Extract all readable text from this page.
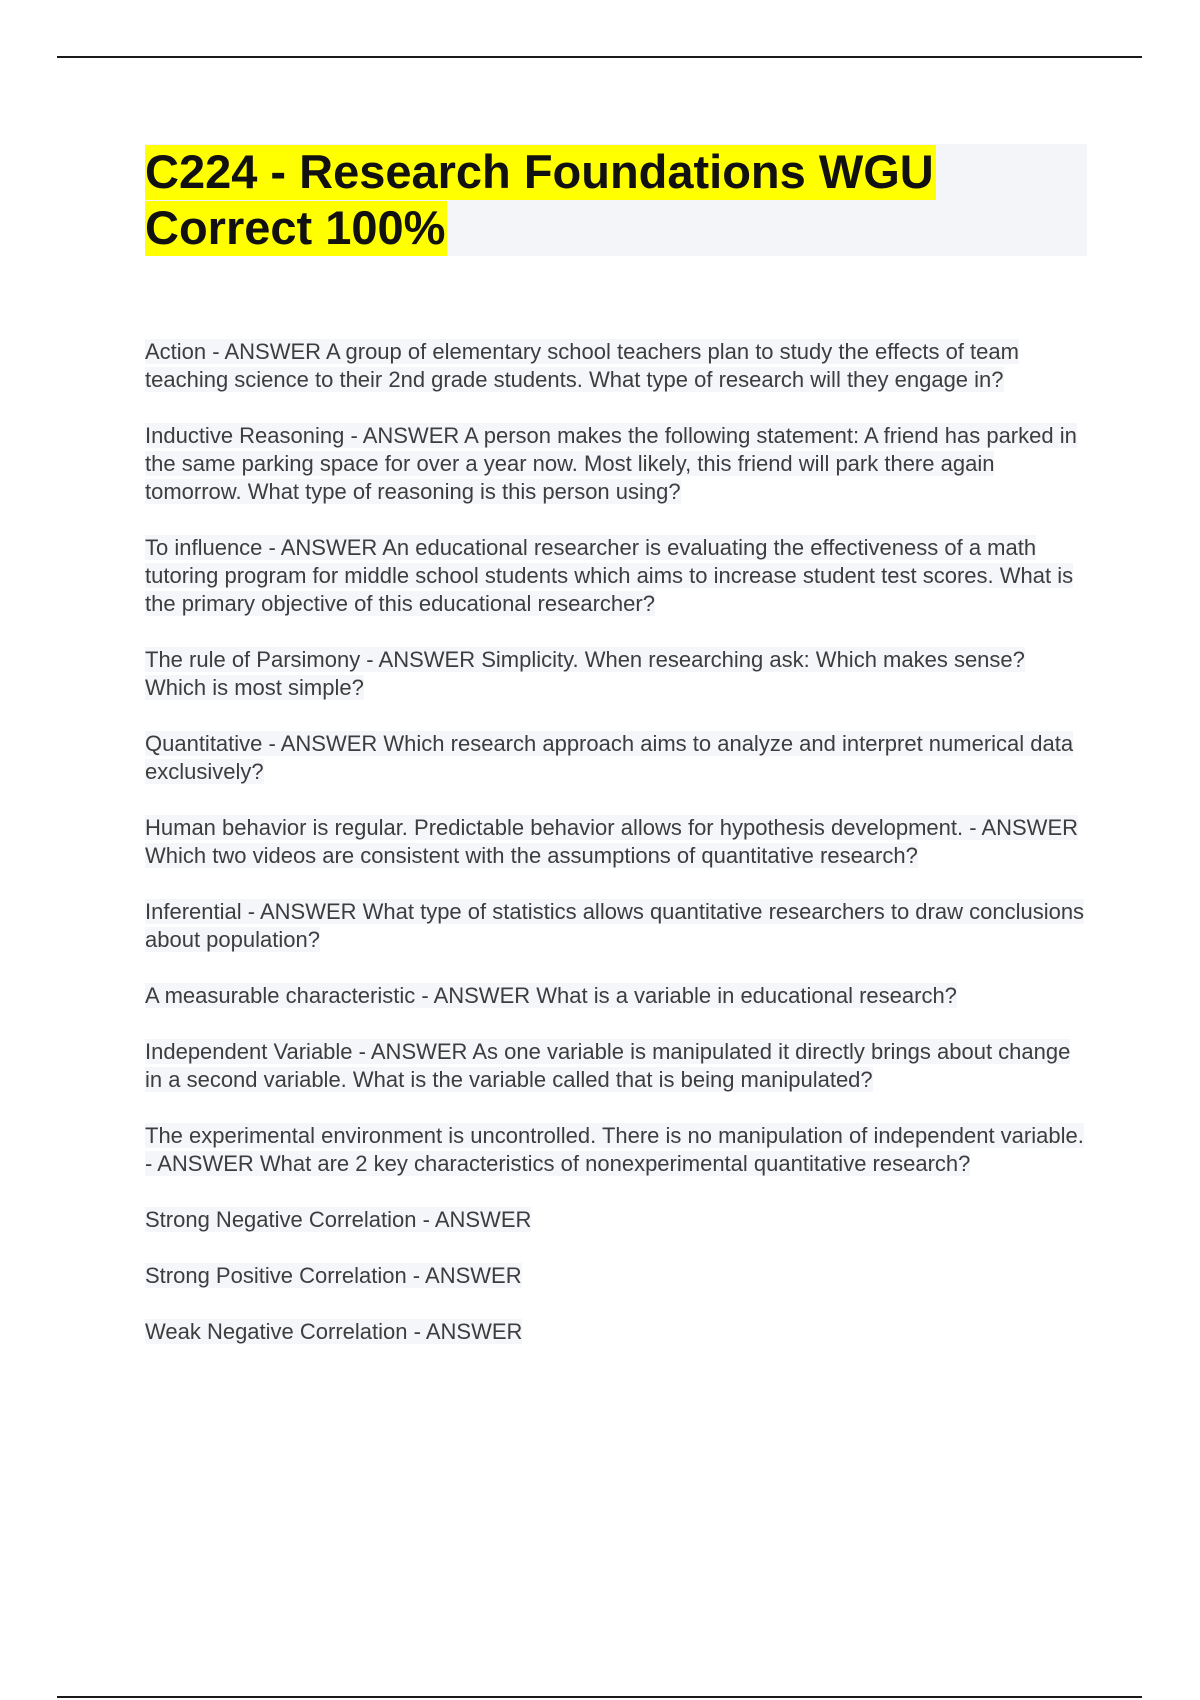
C224 - Research Foundations WGU
Correct 100%
Action - ANSWER A group of elementary school teachers plan to study the effects of team teaching science to their 2nd grade students. What type of research will they engage in?
Inductive Reasoning - ANSWER A person makes the following statement: A friend has parked in the same parking space for over a year now. Most likely, this friend will park there again tomorrow. What type of reasoning is this person using?
To influence - ANSWER An educational researcher is evaluating the effectiveness of a math tutoring program for middle school students which aims to increase student test scores. What is the primary objective of this educational researcher?
The rule of Parsimony - ANSWER Simplicity. When researching ask: Which makes sense? Which is most simple?
Quantitative - ANSWER Which research approach aims to analyze and interpret numerical data exclusively?
Human behavior is regular. Predictable behavior allows for hypothesis development. - ANSWER Which two videos are consistent with the assumptions of quantitative research?
Inferential - ANSWER What type of statistics allows quantitative researchers to draw conclusions about population?
A measurable characteristic - ANSWER What is a variable in educational research?
Independent Variable - ANSWER As one variable is manipulated it directly brings about change in a second variable. What is the variable called that is being manipulated?
The experimental environment is uncontrolled. There is no manipulation of independent variable. - ANSWER What are 2 key characteristics of nonexperimental quantitative research?
Strong Negative Correlation - ANSWER
Strong Positive Correlation - ANSWER
Weak Negative Correlation - ANSWER
